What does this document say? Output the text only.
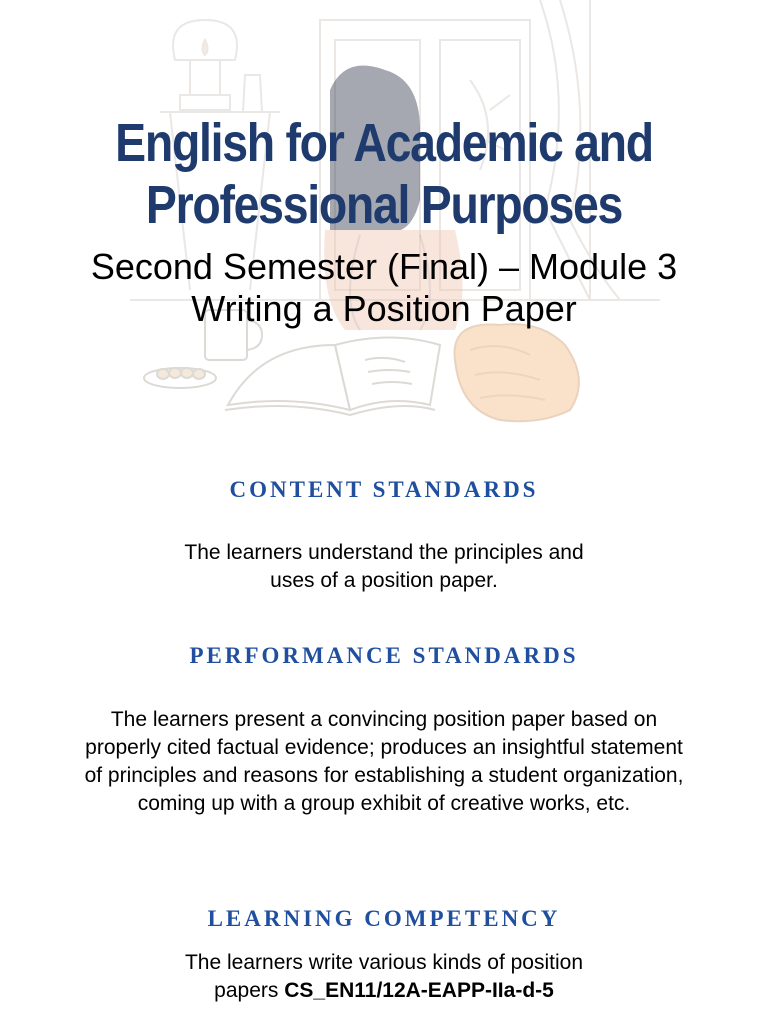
English for Academic and
Professional Purposes
Second Semester (Final) – Module 3
Writing a Position Paper
CONTENT STANDARDS
The learners understand the principles and
uses of a position paper.
PERFORMANCE STANDARDS
The learners present a convincing position paper based on
properly cited factual evidence; produces an insightful statement
of principles and reasons for establishing a student organization,
coming up with a group exhibit of creative works, etc.
LEARNING COMPETENCY
The learners write various kinds of position
papers CS_EN11/12A-EAPP-IIa-d-5
